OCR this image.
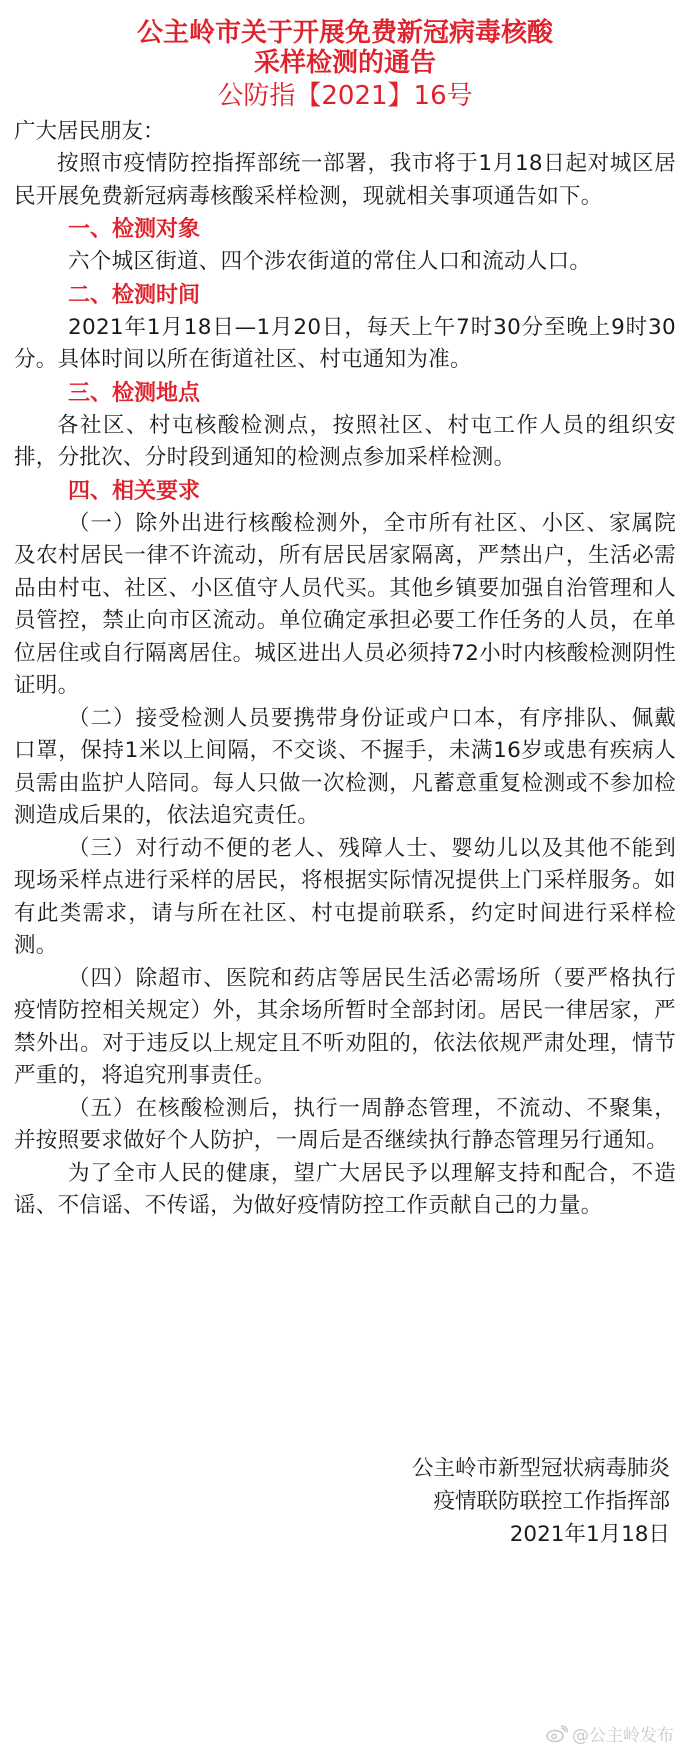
公主岭市关于开展免费新冠病毒核酸
采样检测的通告
公防指【2021】16号

广大居民朋友：

按照市疫情防控指挥部统一部署，我市将于1月18日起对城区居民开展免费新冠病毒核酸采样检测，现就相关事项通告如下。

一、检测对象

六个城区街道、四个涉农街道的常住人口和流动人口。

二、检测时间

2021年1月18日—1月20日，每天上午7时30分至晚上9时30分。具体时间以所在街道社区、村屯通知为准。

三、检测地点

各社区、村屯核酸检测点，按照社区、村屯工作人员的组织安排，分批次、分时段到通知的检测点参加采样检测。

四、相关要求

（一）除外出进行核酸检测外，全市所有社区、小区、家属院及农村居民一律不许流动，所有居民居家隔离，严禁出户，生活必需品由村屯、社区、小区值守人员代买。其他乡镇要加强自治管理和人员管控，禁止向市区流动。单位确定承担必要工作任务的人员，在单位居住或自行隔离居住。城区进出人员必须持72小时内核酸检测阴性证明。

（二）接受检测人员要携带身份证或户口本，有序排队、佩戴口罩，保持1米以上间隔，不交谈、不握手，未满16岁或患有疾病人员需由监护人陪同。每人只做一次检测，凡蓄意重复检测或不参加检测造成后果的，依法追究责任。

（三）对行动不便的老人、残障人士、婴幼儿以及其他不能到现场采样点进行采样的居民，将根据实际情况提供上门采样服务。如有此类需求，请与所在社区、村屯提前联系，约定时间进行采样检测。

（四）除超市、医院和药店等居民生活必需场所（要严格执行疫情防控相关规定）外，其余场所暂时全部封闭。居民一律居家，严禁外出。对于违反以上规定且不听劝阻的，依法依规严肃处理，情节严重的，将追究刑事责任。

（五）在核酸检测后，执行一周静态管理，不流动、不聚集，并按照要求做好个人防护，一周后是否继续执行静态管理另行通知。

为了全市人民的健康，望广大居民予以理解支持和配合，不造谣、不信谣、不传谣，为做好疫情防控工作贡献自己的力量。

公主岭市新型冠状病毒肺炎
疫情联防联控工作指挥部
2021年1月18日
@公主岭发布
